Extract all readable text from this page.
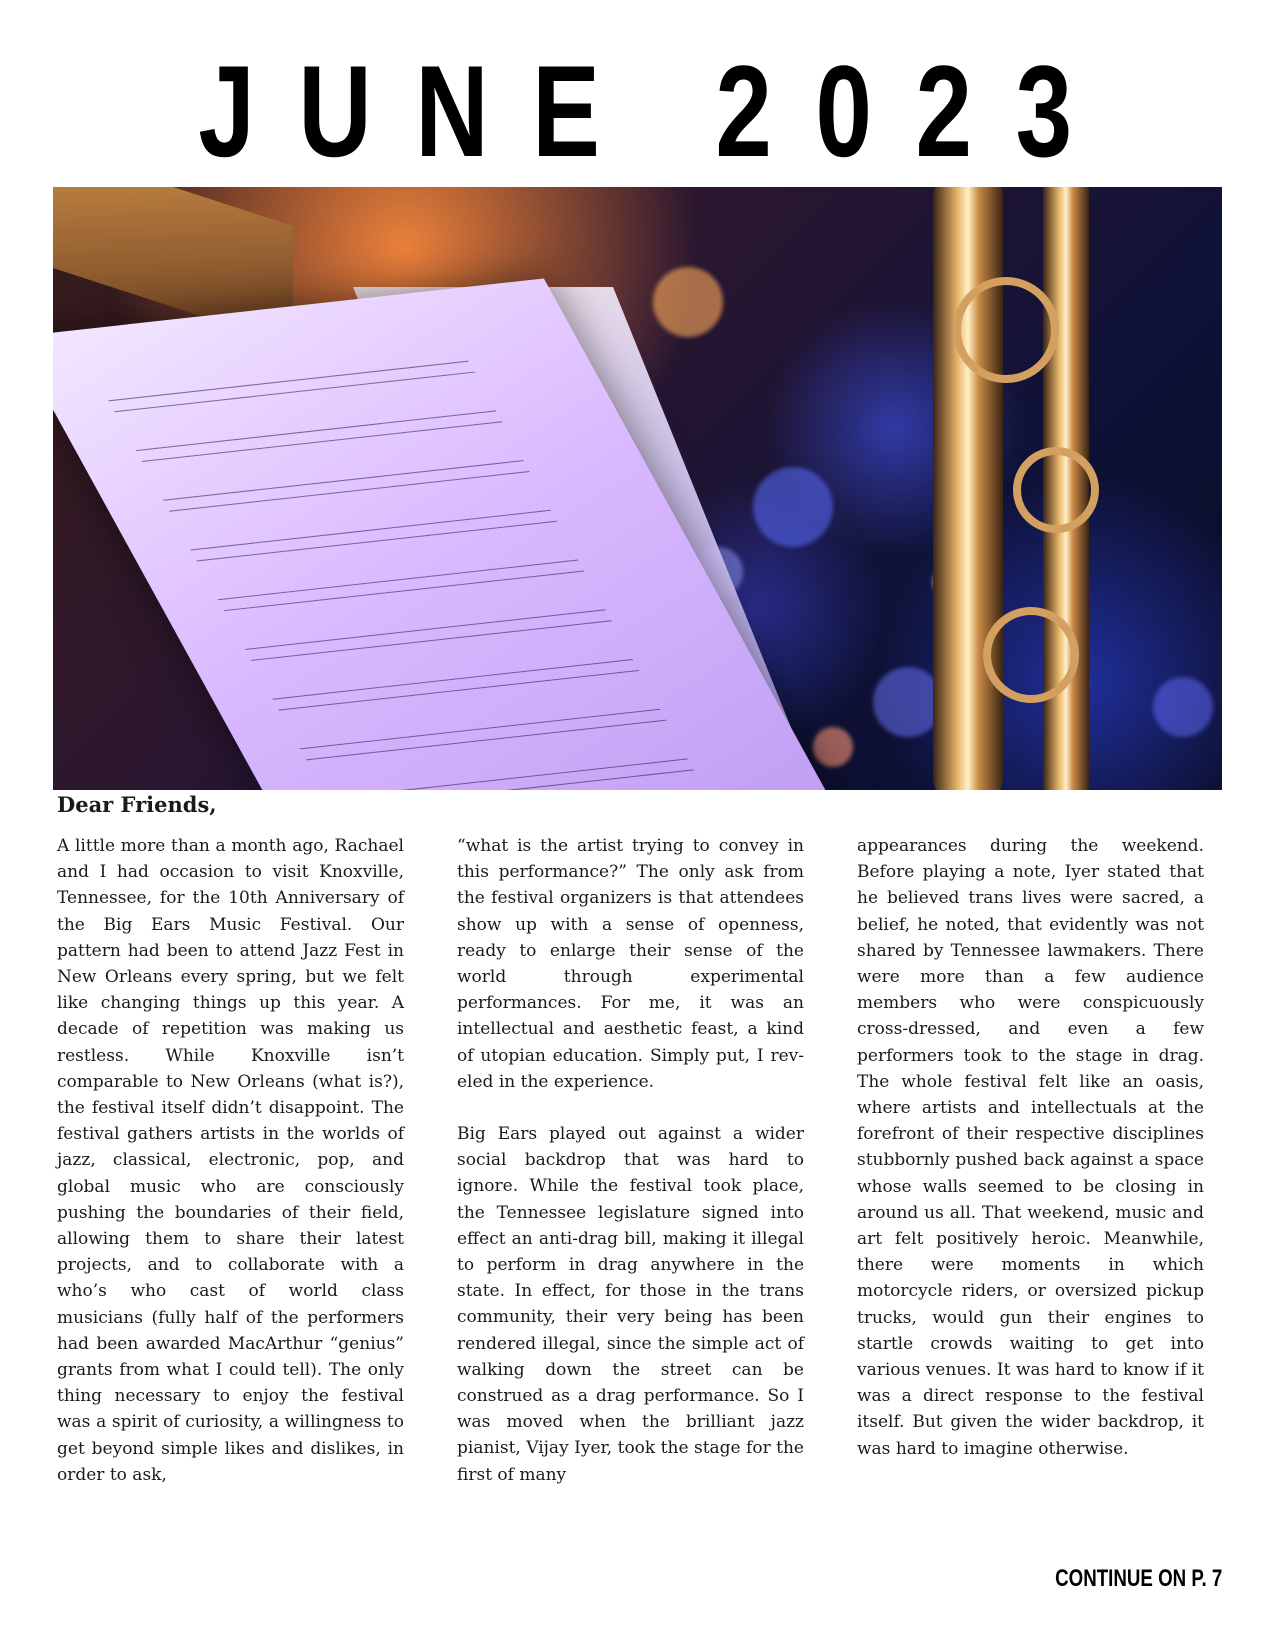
JUNE 2023
Dear Friends,

A little more than a month ago, Rachael and I had occasion to visit Knoxville, Tennessee, for the 10th Anniversary of the Big Ears Music Festival. Our pattern had been to attend Jazz Fest in New Orleans every spring, but we felt like changing things up this year. A decade of repetition was making us restless. While Knoxville isn’t comparable to New Orleans (what is?), the festival itself didn’t disappoint. The festival gathers artists in the worlds of jazz, classical, electronic, pop, and global music who are consciously pushing the boundaries of their field, allowing them to share their latest projects, and to collaborate with a who’s who cast of world class musicians (fully half of the performers had been awarded MacArthur “genius” grants from what I could tell). The only thing necessary to enjoy the festival was a spirit of curiosity, a willingness to get beyond simple likes and dislikes, in order to ask,

“what is the artist trying to convey in this performance?” The only ask from the festival organizers is that attendees show up with a sense of openness, ready to enlarge their sense of the world through experimental performances. For me, it was an intellectual and aesthetic feast, a kind of utopian education. Simply put, I reveled in the experience.

Big Ears played out against a wider social backdrop that was hard to ignore. While the festival took place, the Tennessee legislature signed into effect an anti-drag bill, making it illegal to perform in drag anywhere in the state. In effect, for those in the trans community, their very being has been rendered illegal, since the simple act of walking down the street can be construed as a drag performance. So I was moved when the brilliant jazz pianist, Vijay Iyer, took the stage for the first of many

appearances during the weekend. Before playing a note, Iyer stated that he believed trans lives were sacred, a belief, he noted, that evidently was not shared by Tennessee lawmakers. There were more than a few audience members who were conspicuously cross-dressed, and even a few performers took to the stage in drag. The whole festival felt like an oasis, where artists and intellectuals at the forefront of their respective disciplines stubbornly pushed back against a space whose walls seemed to be closing in around us all. That weekend, music and art felt positively heroic. Meanwhile, there were moments in which motorcycle riders, or oversized pickup trucks, would gun their engines to startle crowds waiting to get into various venues. It was hard to know if it was a direct response to the festival itself. But given the wider backdrop, it was hard to imagine otherwise.

CONTINUE ON P. 7
